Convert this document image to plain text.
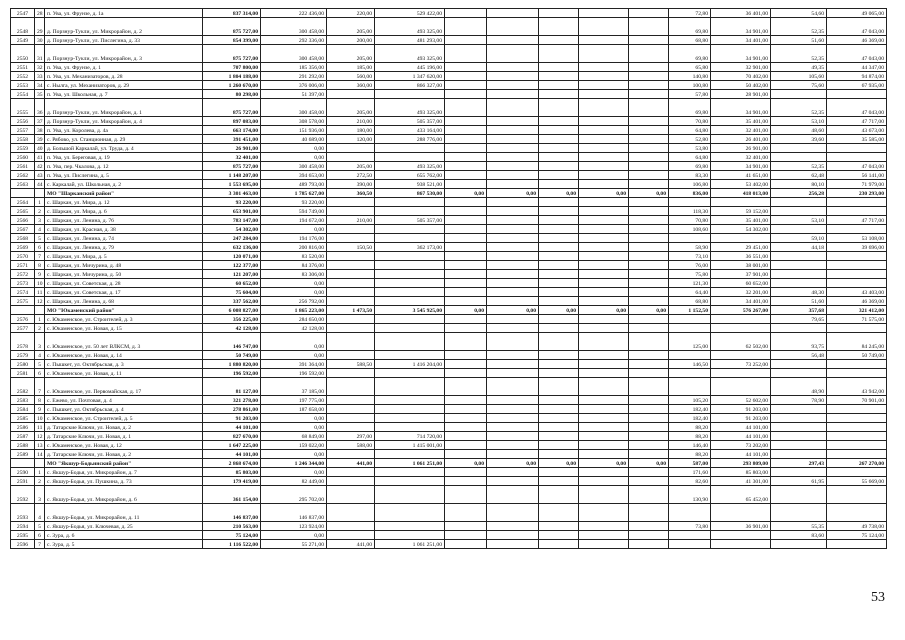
2547	28	п. Ува, ул. Фрунзе, д. 1а	837 314,00	222 436,00	220,00	529 422,00						72,80	36 401,00	54,60	49 065,00
2548	29	д. Порзнур-Тукли, ул. Микрорайон, д. 2	875 727,00	300 458,00	205,00	493 325,00						69,80	34 901,00	52,35	47 043,00
2549	30	д. Порзнур-Тукли, ул. Пислегина, д. 33	854 399,00	292 336,00	200,00	481 293,00						68,80	34 401,00	51,60	46 369,00
2550	31	д. Порзнур-Тукли, ул. Микрорайон, д. 3	875 727,00	300 458,00	205,00	493 325,00						69,80	34 901,00	52,35	47 043,00
2551	32	п. Ува, ул. Фрунзе, д. 1	707 800,00	185 356,00	185,00	445 196,00						65,80	32 901,00	49,35	44 347,00
2552	33	п. Ува, ул. Механизаторов, д. 28	1 804 188,00	291 292,00	560,00	1 347 620,00						140,80	70 402,00	105,60	94 874,00
2553	34	с. Нылга, ул. Механизаторов, д. 29	1 260 670,00	376 006,00	360,00	866 327,00						100,80	50 402,00	75,60	67 935,00
2554	35	п. Ува, ул. Школьная, д. 7	80 298,00	51 397,00								57,80	28 901,00		
2555	36	д. Порзнур-Тукли, ул. Микрорайон, д. 1	875 727,00	300 458,00	205,00	493 325,00						69,80	34 901,00	52,35	47 043,00
2556	37	д. Порзнур-Тукли, ул. Микрорайон, д. 4	897 083,00	308 578,00	210,00	505 357,00						70,80	35 401,00	53,10	47 717,00
2557	38	п. Ува, ул. Королева, д. 4а	663 174,00	151 936,00	180,00	433 164,00						64,80	32 401,00	48,60	43 673,00
2558	39	с. Рябово, ул. Станционная, д. 29	391 451,00	40 689,00	120,00	288 776,00						52,80	26 401,00	39,60	35 585,00
2559	40	д. Большой Каркалай, ул. Труда, д. 4	26 901,00	0,00								53,80	26 901,00		
2560	41	п. Ува, ул. Береговая, д. 19	32 401,00	0,00								64,80	32 401,00		
2561	42	п. Ува, пер. Чкалова, д. 12	875 727,00	300 458,00	205,00	493 325,00						69,80	34 901,00	52,35	47 043,00
2562	43	п. Ува, ул. Пислегина, д. 5	1 148 207,00	394 653,00	272,50	655 762,00						83,30	41 651,00	62,48	56 141,00
2563	44	с. Каркалай, ул. Школьная, д. 2	1 553 695,00	489 793,00	390,00	938 521,00						106,80	53 402,00	80,10	71 979,00
		МО "Шарканский район"	3 301 463,00	1 785 627,00	360,50	867 530,00	0,00	0,00	0,00	0,00	0,00	836,00	418 013,00	256,28	230 293,00
2564	1	с. Шаркан, ул. Мира, д. 12	93 220,00	93 220,00											
2565	2	с. Шаркан, ул. Мира, д. 6	653 901,00	594 749,00								118,30	59 152,00		
2566	3	с. Шаркан, ул. Ленина, д. 76	783 147,00	194 672,00	210,00	505 357,00						70,80	35 401,00	53,10	47 717,00
2567	4	с. Шаркан, ул. Красная, д. 38	54 302,00	0,00								108,60	54 302,00		
2568	5	с. Шаркан, ул. Ленина, д. 74	247 284,00	194 176,00										59,10	53 108,00
2569	6	с. Шаркан, ул. Ленина, д. 79	632 136,00	200 816,00	150,50	362 173,00						58,90	29 451,00	44,18	39 696,00
2570	7	с. Шаркан, ул. Мира, д. 5	120 071,00	83 520,00								73,10	36 551,00		
2571	8	с. Шаркан, ул. Мичурина, д. 48	122 377,00	84 376,00								76,00	38 001,00		
2572	9	с. Шаркан, ул. Мичурина, д. 50	121 207,00	83 306,00								75,80	37 901,00		
2573	10	с. Шаркан, ул. Советская, д. 28	60 652,00	0,00								121,30	60 652,00		
2574	11	с. Шаркан, ул. Советская, д. 17	75 604,00	0,00								64,40	32 201,00	48,30	43 403,00
2575	12	с. Шаркан, ул. Ленина, д. 68	337 562,00	256 792,00								68,80	34 401,00	51,60	46 369,00
		МО "Юкаменский район"	6 008 827,00	1 865 223,00	1 473,50	3 545 925,00	0,00	0,00	0,00	0,00	0,00	1 152,50	576 267,00	357,68	321 412,00
2576	1	с. Юкаменское, ул. Строителей, д. 3	356 225,00	284 650,00										79,65	71 575,00
2577	2	с. Юкаменское, ул. Новая, д. 15	42 128,00	42 128,00											
2578	3	с. Юкаменское, ул. 50 лет ВЛКСМ, д. 3	146 747,00	0,00								125,00	62 502,00	93,75	84 245,00
2579	4	с. Юкаменское, ул. Новая, д. 14	50 749,00	0,00										56,48	50 749,00
2580	5	с. Пышкет, ул. Октябрьская, д. 3	1 880 820,00	391 364,00	588,50	1 416 204,00						146,50	73 252,00		
2581	6	с. Юкаменское, ул. Новая, д. 11	196 592,00	196 592,00											
2582	7	с. Юкаменское, ул. Первомайская, д. 17	81 127,00	37 185,00										48,90	43 942,00
2583	8	с. Ежево, ул. Почтовая, д. 4	321 278,00	197 775,00								105,20	52 602,00	78,90	70 901,00
2584	9	с. Пышкет, ул. Октябрьская, д. 4	278 861,00	187 658,00								182,40	91 203,00		
2585	10	с. Юкаменское, ул. Строителей, д. 5	91 203,00	0,00								182,40	91 203,00		
2586	11	д. Татарские Ключи, ул. Новая, д. 2	44 101,00	0,00								88,20	44 101,00		
2587	12	д. Татарские Ключи, ул. Новая, д. 1	827 670,00	68 849,00	297,00	714 720,00						88,20	44 101,00		
2588	13	с. Юкаменское, ул. Новая, д. 12	1 647 225,00	159 022,00	588,00	1 415 001,00						146,40	73 202,00		
2589	14	д. Татарские Ключи, ул. Новая, д. 2	44 101,00	0,00								88,20	44 101,00		
		МО "Якшур-Бодьинский район"	2 868 674,00	1 246 344,00	441,00	1 061 251,00	0,00	0,00	0,00	0,00	0,00	587,00	293 809,00	297,43	267 270,00
2590	1	с. Якшур-Бодья, ул. Микрорайон, д. 7	85 803,00	0,00								171,60	85 803,00		
2591	2	с. Якшур-Бодья, ул. Пушкина, д. 73	179 419,00	82 449,00								82,60	41 301,00	61,95	55 669,00
2592	3	с. Якшур-Бодья, ул. Микрорайон, д. 6	361 154,00	295 702,00								130,90	65 452,00		
2593	4	с. Якшур-Бодья, ул. Микрорайон, д. 11	146 837,00	146 837,00											
2594	5	с. Якшур-Бодья, ул. Ключевая, д. 25	210 563,00	123 924,00								73,80	36 901,00	55,35	49 738,00
2595	6	с. Зура, д. 6	75 124,00	0,00										83,60	75 124,00
2596	7	с. Зура, д. 5	1 116 522,00	55 271,00	441,00	1 061 251,00									
53
